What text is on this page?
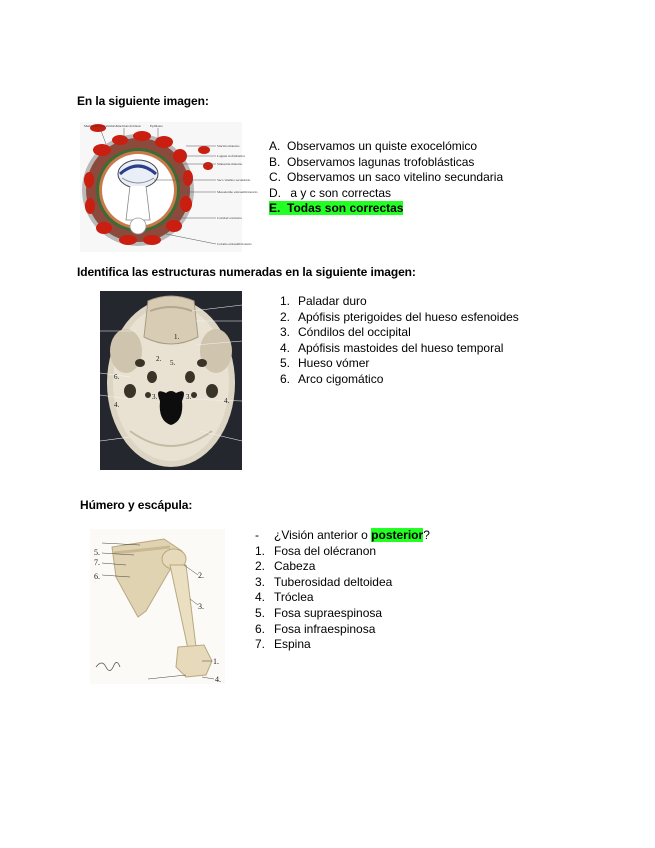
En la siguiente imagen:
Membrana exocelómica Sincitiotrofoblasto	Epiblasto
Sincitio materno
Laguna trofoblástica
Sinusoide materno
Saco vitelino secundario
Mesodermo extraembrionario
Cavidad coriónica
Celoma extraembrionario
A. Observamos un quiste exocelómico
B. Observamos lagunas trofoblásticas
C. Observamos un saco vitelino secundaria
D. a y c son correctas
E. Todas son correctas
Identifica las estructuras numeradas en la siguiente imagen:
1.
2. 5.
3.	3.
4.	4.
6.
1. Paladar duro
2. Apófisis pterigoides del hueso esfenoides
3. Cóndilos del occipital
4. Apófisis mastoides del hueso temporal
5. Hueso vómer
6. Arco cigomático
Húmero y escápula:
5.
7.
6.	2.
3.
1.
4.
- ¿Visión anterior o posterior?
1. Fosa del olécranon
2. Cabeza
3. Tuberosidad deltoidea
4. Tróclea
5. Fosa supraespinosa
6. Fosa infraespinosa
7. Espina
